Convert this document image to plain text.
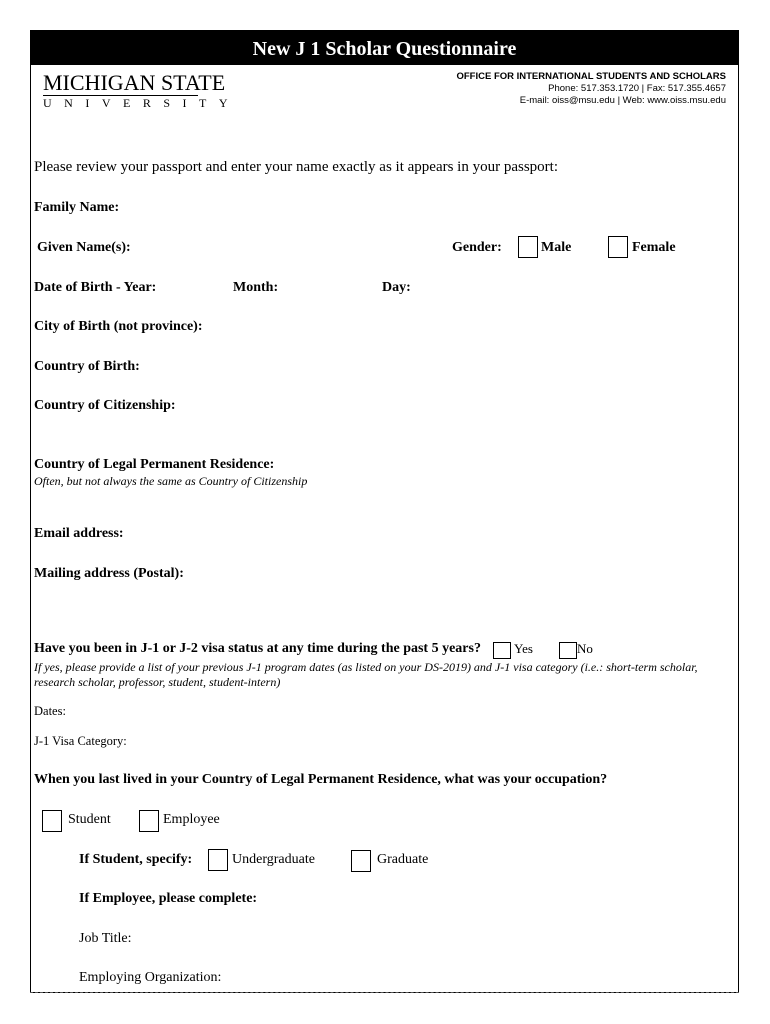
New J 1 Scholar Questionnaire
MICHIGAN STATE
UNIVERSITY
OFFICE FOR INTERNATIONAL STUDENTS AND SCHOLARS
Phone: 517.353.1720 | Fax: 517.355.4657
E-mail: oiss@msu.edu | Web: www.oiss.msu.edu
Please review your passport and enter your name exactly as it appears in your passport:
Family Name:
Given Name(s):	Gender:	Male	Female
Date of Birth - Year:	Month:	Day:
City of Birth (not province):
Country of Birth:
Country of Citizenship:
Country of Legal Permanent Residence:
Often, but not always the same as Country of Citizenship
Email address:
Mailing address (Postal):
Have you been in J-1 or J-2 visa status at any time during the past 5 years?	Yes	No
If yes, please provide a list of your previous J-1 program dates (as listed on your DS-2019) and J-1 visa category (i.e.: short-term scholar,
research scholar, professor, student, student-intern)
Dates:
J-1 Visa Category:
When you last lived in your Country of Legal Permanent Residence, what was your occupation?
Student	Employee
If Student, specify:	Undergraduate	Graduate
If Employee, please complete:
Job Title:
Employing Organization:
